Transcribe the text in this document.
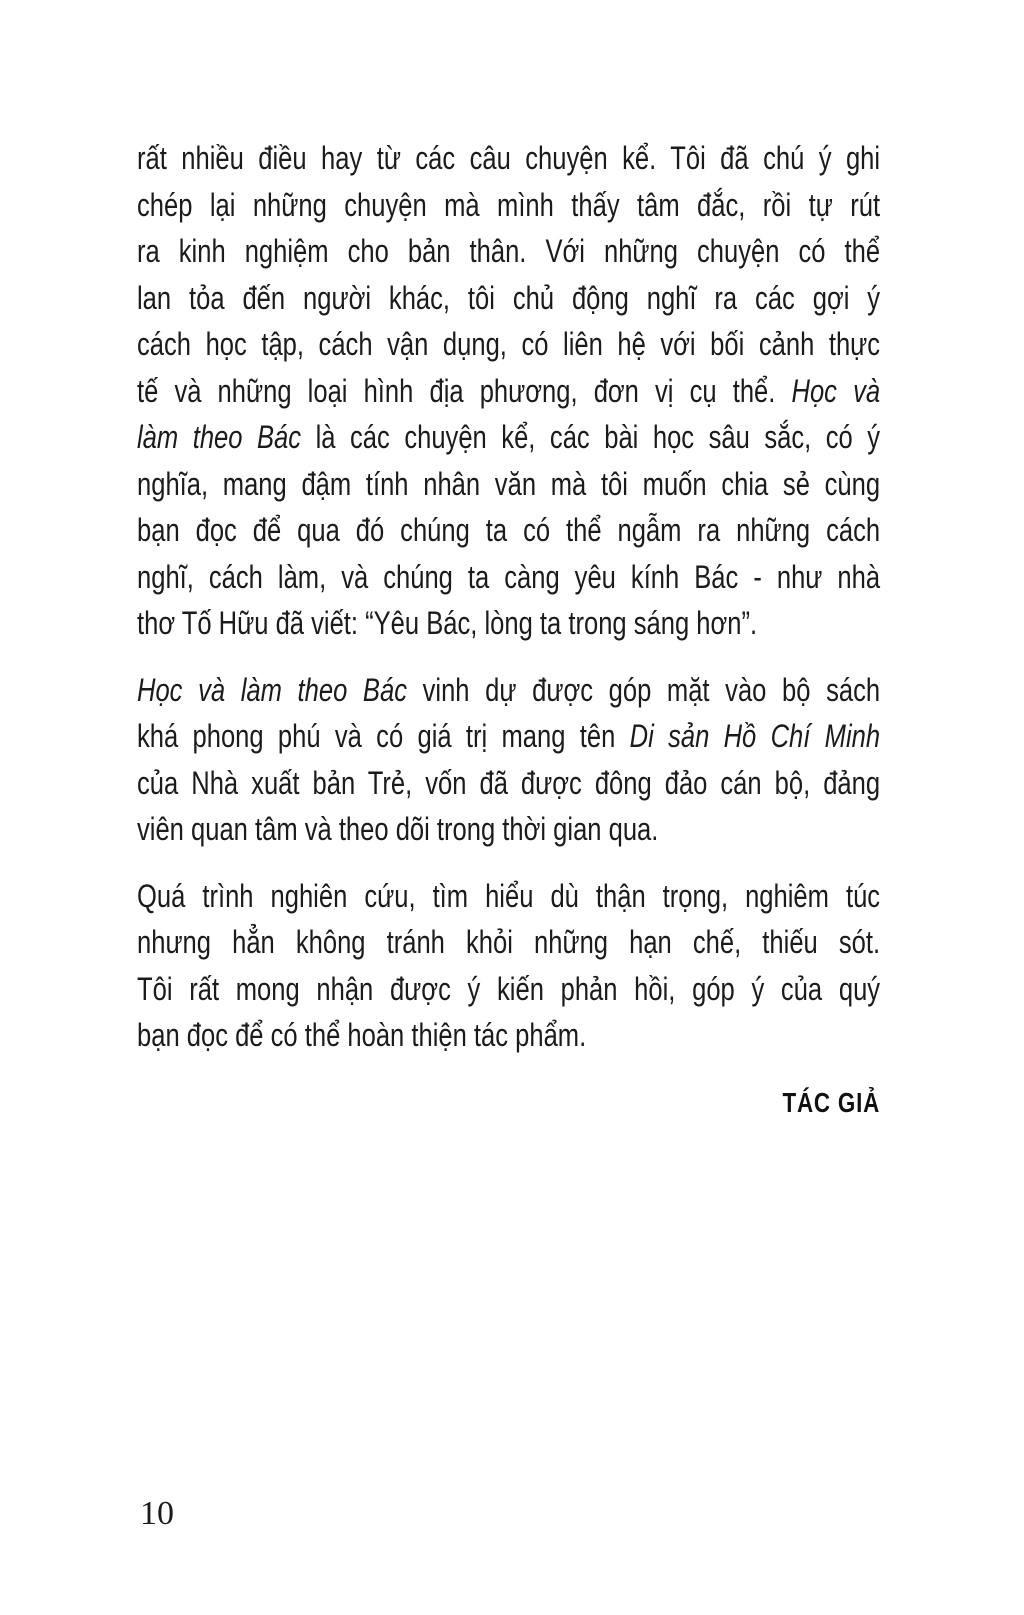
rất nhiều điều hay từ các câu chuyện kể. Tôi đã chú ý ghi
chép lại những chuyện mà mình thấy tâm đắc, rồi tự rút
ra kinh nghiệm cho bản thân. Với những chuyện có thể
lan tỏa đến người khác, tôi chủ động nghĩ ra các gợi ý
cách học tập, cách vận dụng, có liên hệ với bối cảnh thực
tế và những loại hình địa phương, đơn vị cụ thể. Học và
làm theo Bác là các chuyện kể, các bài học sâu sắc, có ý
nghĩa, mang đậm tính nhân văn mà tôi muốn chia sẻ cùng
bạn đọc để qua đó chúng ta có thể ngẫm ra những cách
nghĩ, cách làm, và chúng ta càng yêu kính Bác - như nhà
thơ Tố Hữu đã viết: “Yêu Bác, lòng ta trong sáng hơn”.
Học và làm theo Bác vinh dự được góp mặt vào bộ sách
khá phong phú và có giá trị mang tên Di sản Hồ Chí Minh
của Nhà xuất bản Trẻ, vốn đã được đông đảo cán bộ, đảng
viên quan tâm và theo dõi trong thời gian qua.
Quá trình nghiên cứu, tìm hiểu dù thận trọng, nghiêm túc
nhưng hẳn không tránh khỏi những hạn chế, thiếu sót.
Tôi rất mong nhận được ý kiến phản hồi, góp ý của quý
bạn đọc để có thể hoàn thiện tác phẩm.
TÁC GIẢ
10
